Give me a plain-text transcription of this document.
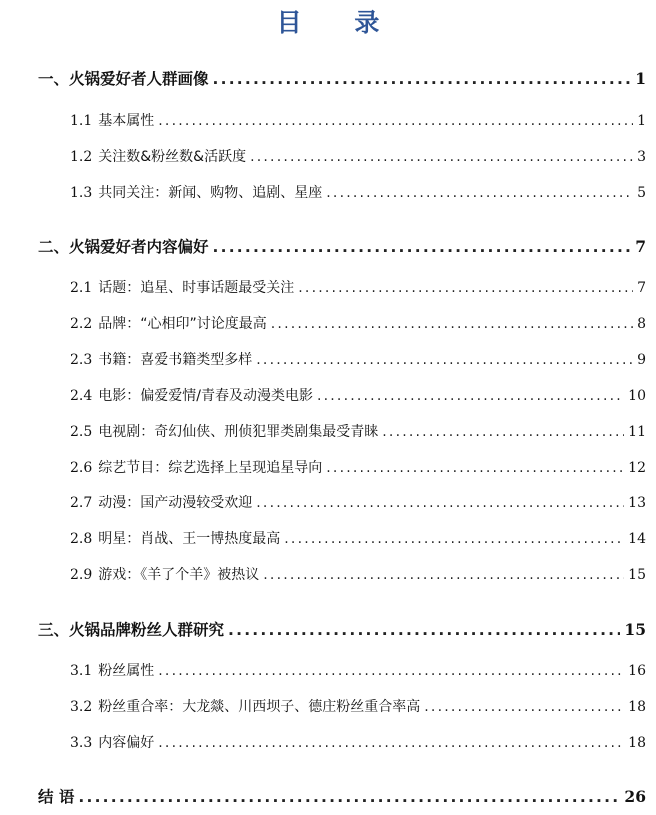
目 录
一、 火锅爱好者人群画像 .....	1
1.1 基本属性 .....	1
1.2 关注数&粉丝数&活跃度 .....	3
1.3 共同关注：新闻、购物、追剧、星座 .....	5
二、 火锅爱好者内容偏好 .....	7
2.1 话题：追星、时事话题最受关注 .....	7
2.2 品牌：“心相印”讨论度最高 .....	8
2.3 书籍：喜爱书籍类型多样 .....	9
2.4 电影：偏爱爱情/青春及动漫类电影 .....	10
2.5 电视剧：奇幻仙侠、刑侦犯罪类剧集最受青睐 .....	11
2.6 综艺节目：综艺选择上呈现追星导向 .....	12
2.7 动漫：国产动漫较受欢迎 .....	13
2.8 明星：肖战、王一博热度最高 .....	14
2.9 游戏：《羊了个羊》被热议 .....	15
三、 火锅品牌粉丝人群研究 .....	15
3.1 粉丝属性 .....	16
3.2 粉丝重合率：大龙燚、川西坝子、德庄粉丝重合率高 .....	18
3.3 内容偏好 .....	18
结 语 .....	26
